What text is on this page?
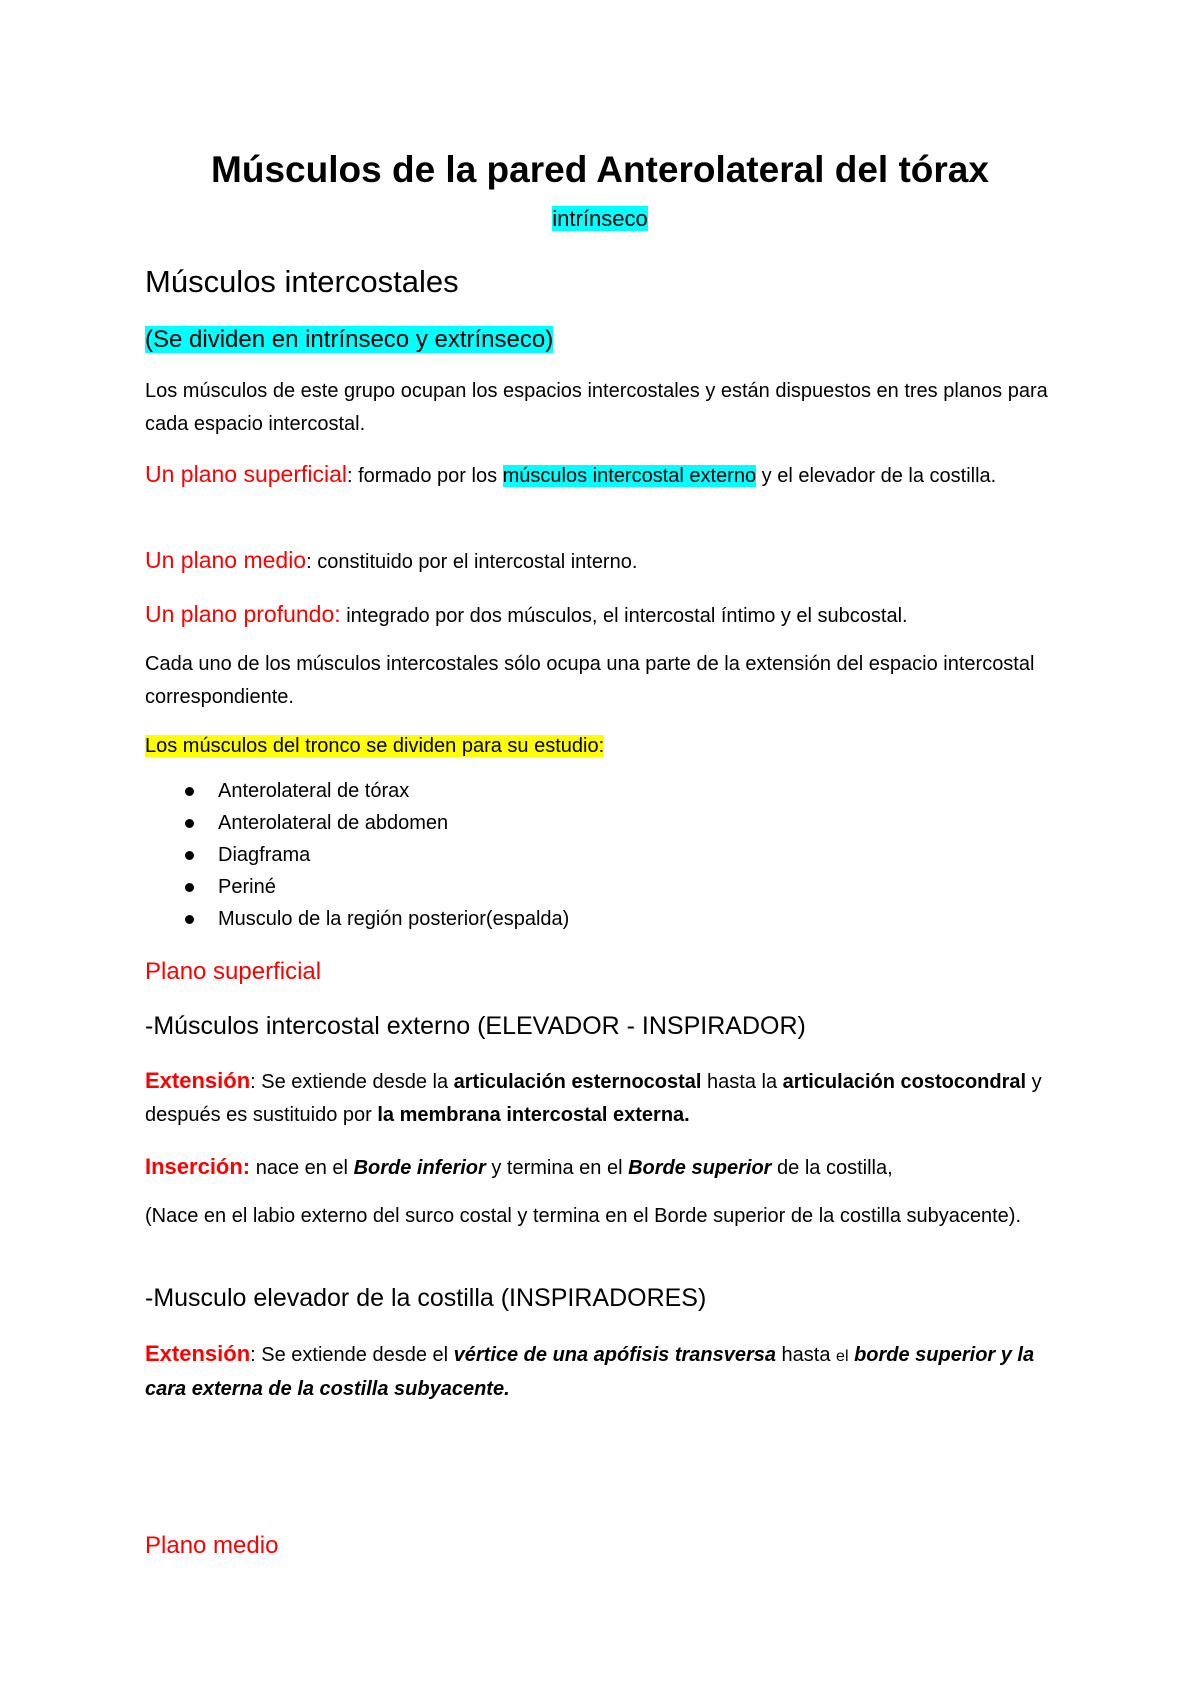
Músculos de la pared Anterolateral del tórax
intrínseco
Músculos intercostales

(Se dividen en intrínseco y extrínseco)

Los músculos de este grupo ocupan los espacios intercostales y están dispuestos en tres planos para cada espacio intercostal.

Un plano superficial: formado por los músculos intercostal externo y el elevador de la costilla.

Un plano medio: constituido por el intercostal interno.

Un plano profundo: integrado por dos músculos, el intercostal íntimo y el subcostal.

Cada uno de los músculos intercostales sólo ocupa una parte de la extensión del espacio intercostal correspondiente.

Los músculos del tronco se dividen para su estudio:

Anterolateral de tórax
Anterolateral de abdomen
Diagframa
Periné
Musculo de la región posterior(espalda)

Plano superficial

-Músculos intercostal externo (ELEVADOR - INSPIRADOR)

Extensión: Se extiende desde la articulación esternocostal hasta la articulación costocondral y después es sustituido por la membrana intercostal externa.

Inserción: nace en el Borde inferior y termina en el Borde superior de la costilla,

(Nace en el labio externo del surco costal y termina en el Borde superior de la costilla subyacente).

-Musculo elevador de la costilla (INSPIRADORES)

Extensión: Se extiende desde el vértice de una apófisis transversa hasta el borde superior y la cara externa de la costilla subyacente.

Plano medio
